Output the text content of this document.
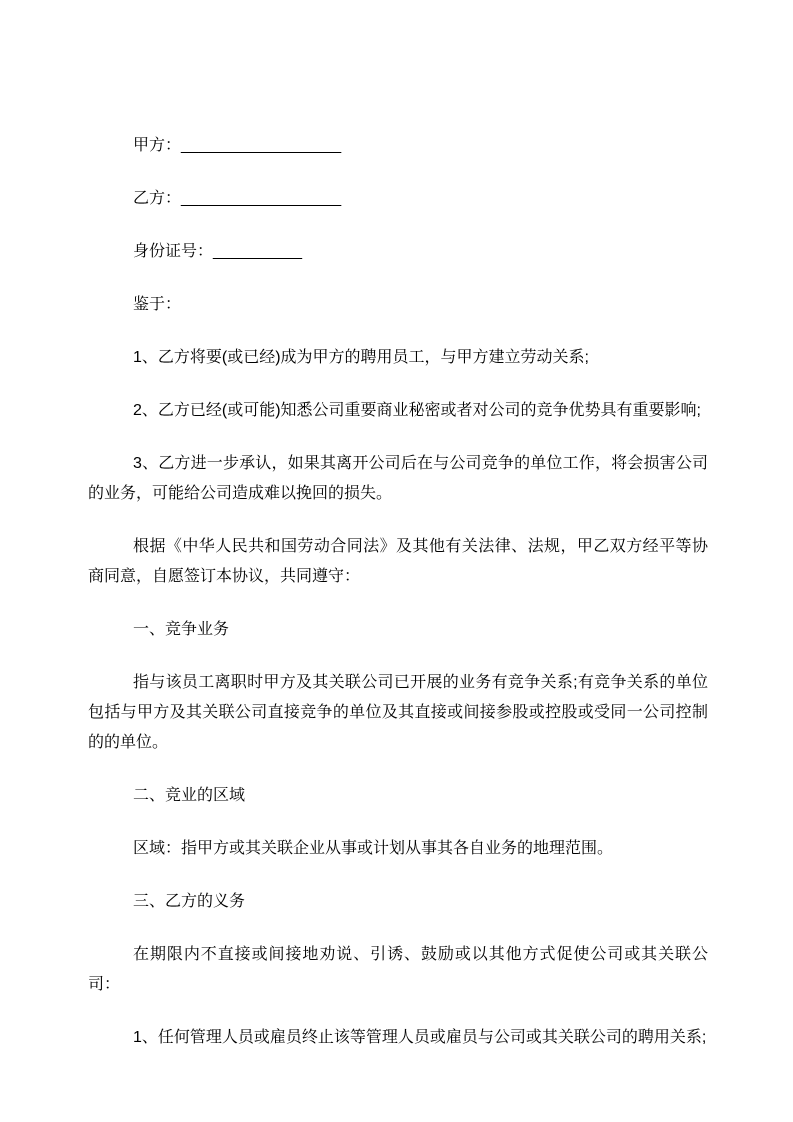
甲方：__________________

乙方：__________________

身份证号：__________

鉴于：

1、乙方将要(或已经)成为甲方的聘用员工，与甲方建立劳动关系;

2、乙方已经(或可能)知悉公司重要商业秘密或者对公司的竞争优势具有重要影响;

3、乙方进一步承认，如果其离开公司后在与公司竞争的单位工作，将会损害公司的业务，可能给公司造成难以挽回的损失。

根据《中华人民共和国劳动合同法》及其他有关法律、法规，甲乙双方经平等协商同意，自愿签订本协议，共同遵守：

一、竞争业务

指与该员工离职时甲方及其关联公司已开展的业务有竞争关系;有竞争关系的单位包括与甲方及其关联公司直接竞争的单位及其直接或间接参股或控股或受同一公司控制的的单位。

二、竞业的区域

区域：指甲方或其关联企业从事或计划从事其各自业务的地理范围。

三、乙方的义务

在期限内不直接或间接地劝说、引诱、鼓励或以其他方式促使公司或其关联公司：

1、任何管理人员或雇员终止该等管理人员或雇员与公司或其关联公司的聘用关系;
